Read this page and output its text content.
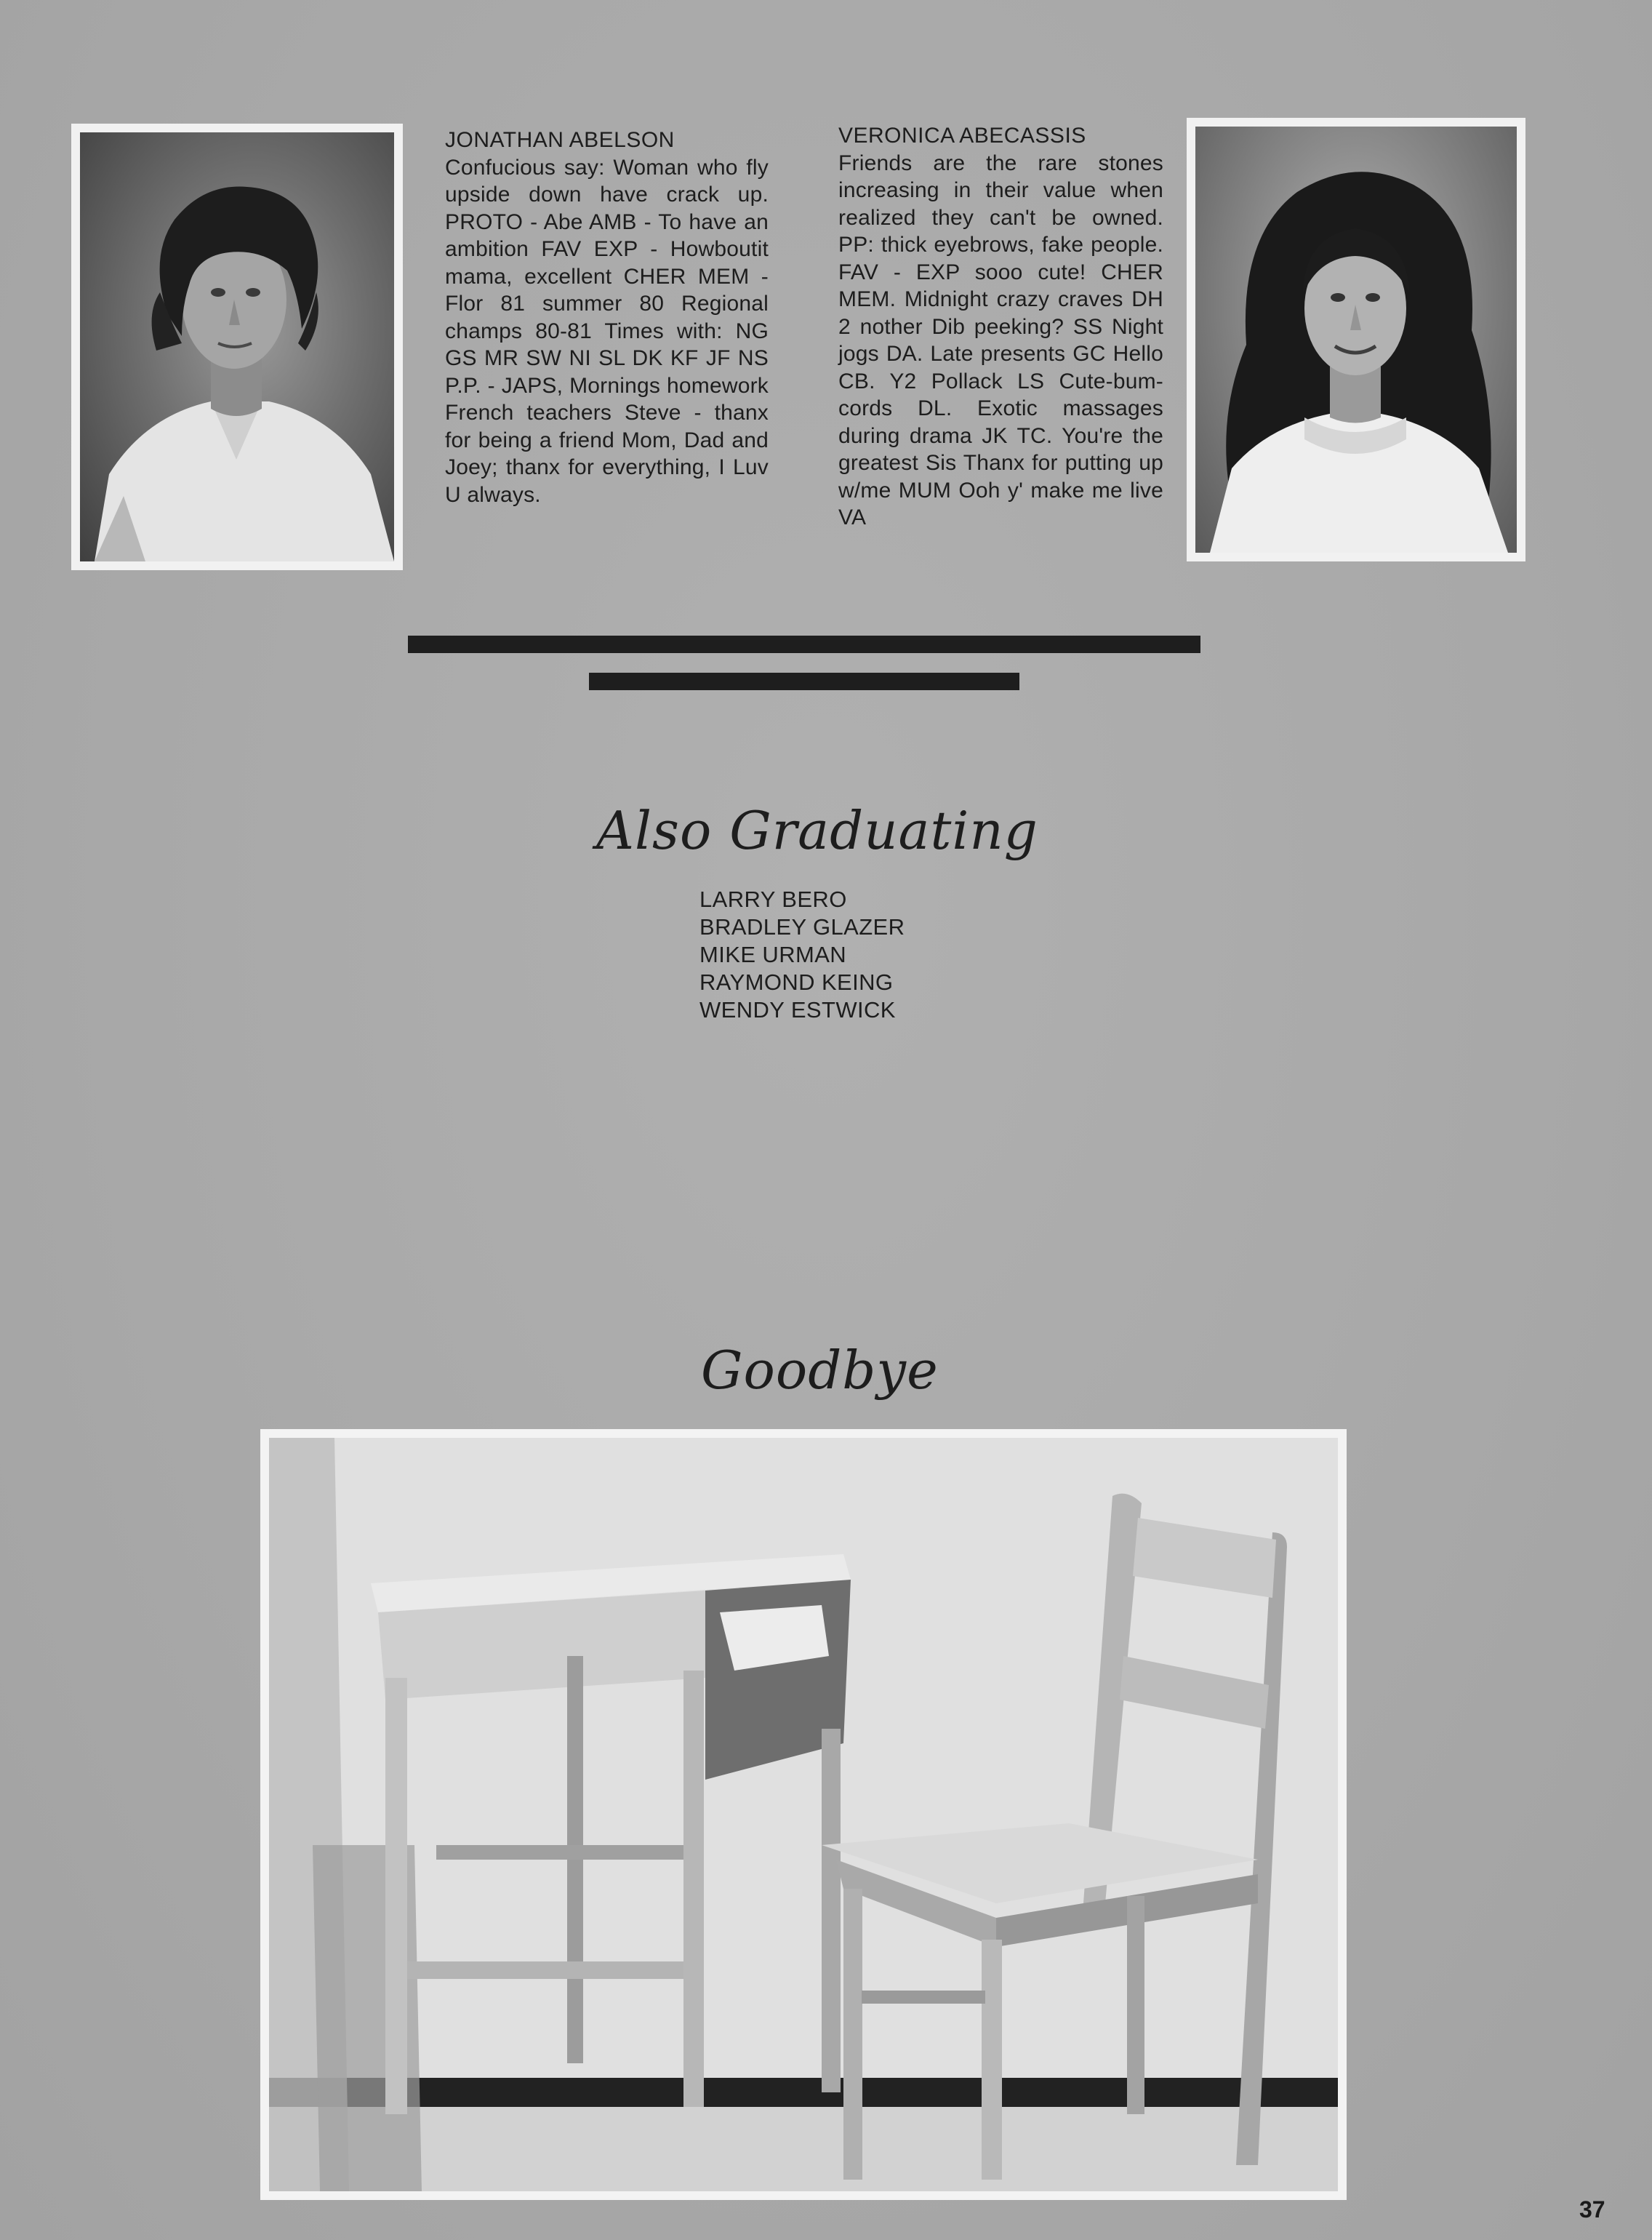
JONATHAN ABELSON
Confucious say: Woman who fly upside down have crack up. PROTO - Abe AMB - To have an ambition FAV EXP - Howboutit mama, excellent CHER MEM - Flor 81 summer 80 Regional champs 80-81 Times with: NG GS MR SW NI SL DK KF JF NS P.P. - JAPS, Mornings homework French teachers Steve - thanx for being a friend Mom, Dad and Joey; thanx for everything, I Luv U always.
VERONICA ABECASSIS
Friends are the rare stones increasing in their value when realized they can't be owned. PP: thick eyebrows, fake people. FAV - EXP sooo cute! CHER MEM. Midnight crazy craves DH 2 nother Dib peeking? SS Night jogs DA. Late presents GC Hello CB. Y2 Pollack LS Cute-bum-cords DL. Exotic massages during drama JK TC. You're the greatest Sis Thanx for putting up w/me MUM Ooh y' make me live VA
Also Graduating
LARRY BERO
BRADLEY GLAZER
MIKE URMAN
RAYMOND KEING
WENDY ESTWICK
Goodbye
37
